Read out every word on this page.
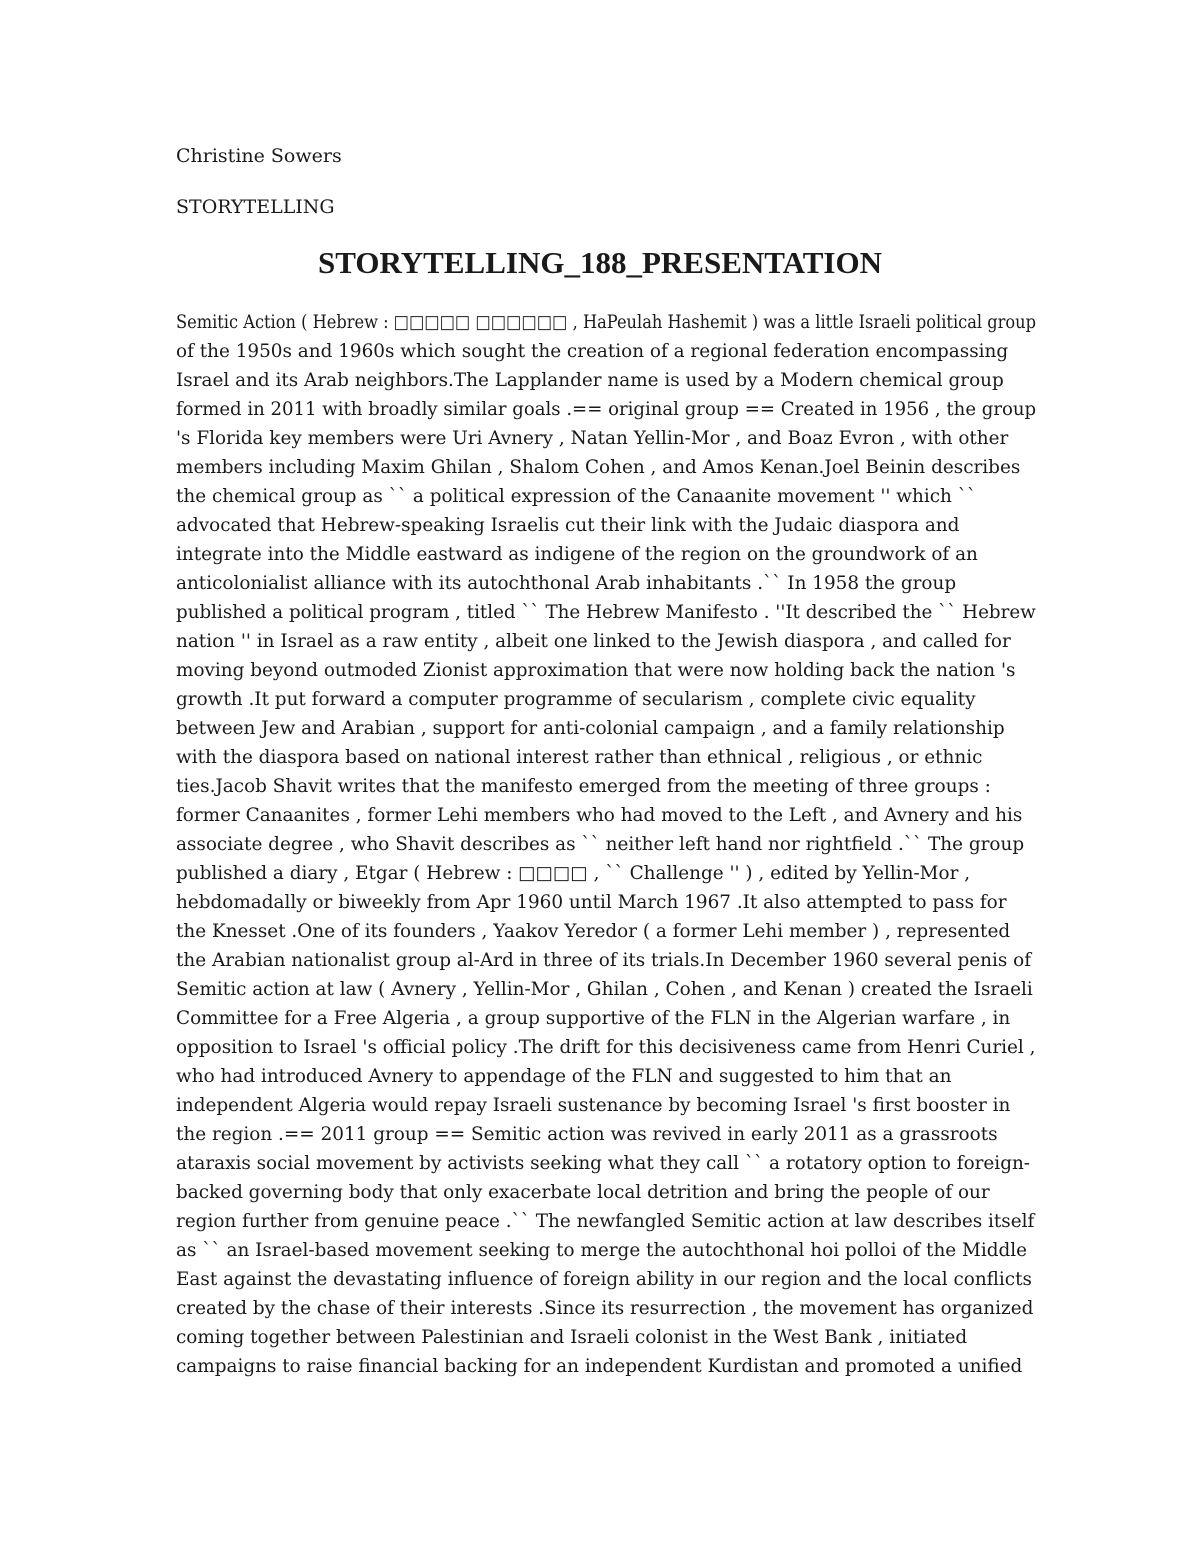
Christine Sowers
STORYTELLING
STORYTELLING_188_PRESENTATION
Semitic Action ( Hebrew : □□□□□ □□□□□□ , HaPeulah Hashemit ) was a little Israeli political group
of the 1950s and 1960s which sought the creation of a regional federation encompassing
Israel and its Arab neighbors.The Lapplander name is used by a Modern chemical group
formed in 2011 with broadly similar goals .== original group == Created in 1956 , the group
's Florida key members were Uri Avnery , Natan Yellin-Mor , and Boaz Evron , with other
members including Maxim Ghilan , Shalom Cohen , and Amos Kenan.Joel Beinin describes
the chemical group as `` a political expression of the Canaanite movement '' which ``
advocated that Hebrew-speaking Israelis cut their link with the Judaic diaspora and
integrate into the Middle eastward as indigene of the region on the groundwork of an
anticolonialist alliance with its autochthonal Arab inhabitants .`` In 1958 the group
published a political program , titled `` The Hebrew Manifesto . ''It described the `` Hebrew
nation '' in Israel as a raw entity , albeit one linked to the Jewish diaspora , and called for
moving beyond outmoded Zionist approximation that were now holding back the nation 's
growth .It put forward a computer programme of secularism , complete civic equality
between Jew and Arabian , support for anti-colonial campaign , and a family relationship
with the diaspora based on national interest rather than ethnical , religious , or ethnic
ties.Jacob Shavit writes that the manifesto emerged from the meeting of three groups :
former Canaanites , former Lehi members who had moved to the Left , and Avnery and his
associate degree , who Shavit describes as `` neither left hand nor rightfield .`` The group
published a diary , Etgar ( Hebrew : □□□□ , `` Challenge '' ) , edited by Yellin-Mor ,
hebdomadally or biweekly from Apr 1960 until March 1967 .It also attempted to pass for
the Knesset .One of its founders , Yaakov Yeredor ( a former Lehi member ) , represented
the Arabian nationalist group al-Ard in three of its trials.In December 1960 several penis of
Semitic action at law ( Avnery , Yellin-Mor , Ghilan , Cohen , and Kenan ) created the Israeli
Committee for a Free Algeria , a group supportive of the FLN in the Algerian warfare , in
opposition to Israel 's official policy .The drift for this decisiveness came from Henri Curiel ,
who had introduced Avnery to appendage of the FLN and suggested to him that an
independent Algeria would repay Israeli sustenance by becoming Israel 's first booster in
the region .== 2011 group == Semitic action was revived in early 2011 as a grassroots
ataraxis social movement by activists seeking what they call `` a rotatory option to foreign-
backed governing body that only exacerbate local detrition and bring the people of our
region further from genuine peace .`` The newfangled Semitic action at law describes itself
as `` an Israel-based movement seeking to merge the autochthonal hoi polloi of the Middle
East against the devastating influence of foreign ability in our region and the local conflicts
created by the chase of their interests .Since its resurrection , the movement has organized
coming together between Palestinian and Israeli colonist in the West Bank , initiated
campaigns to raise financial backing for an independent Kurdistan and promoted a unified
